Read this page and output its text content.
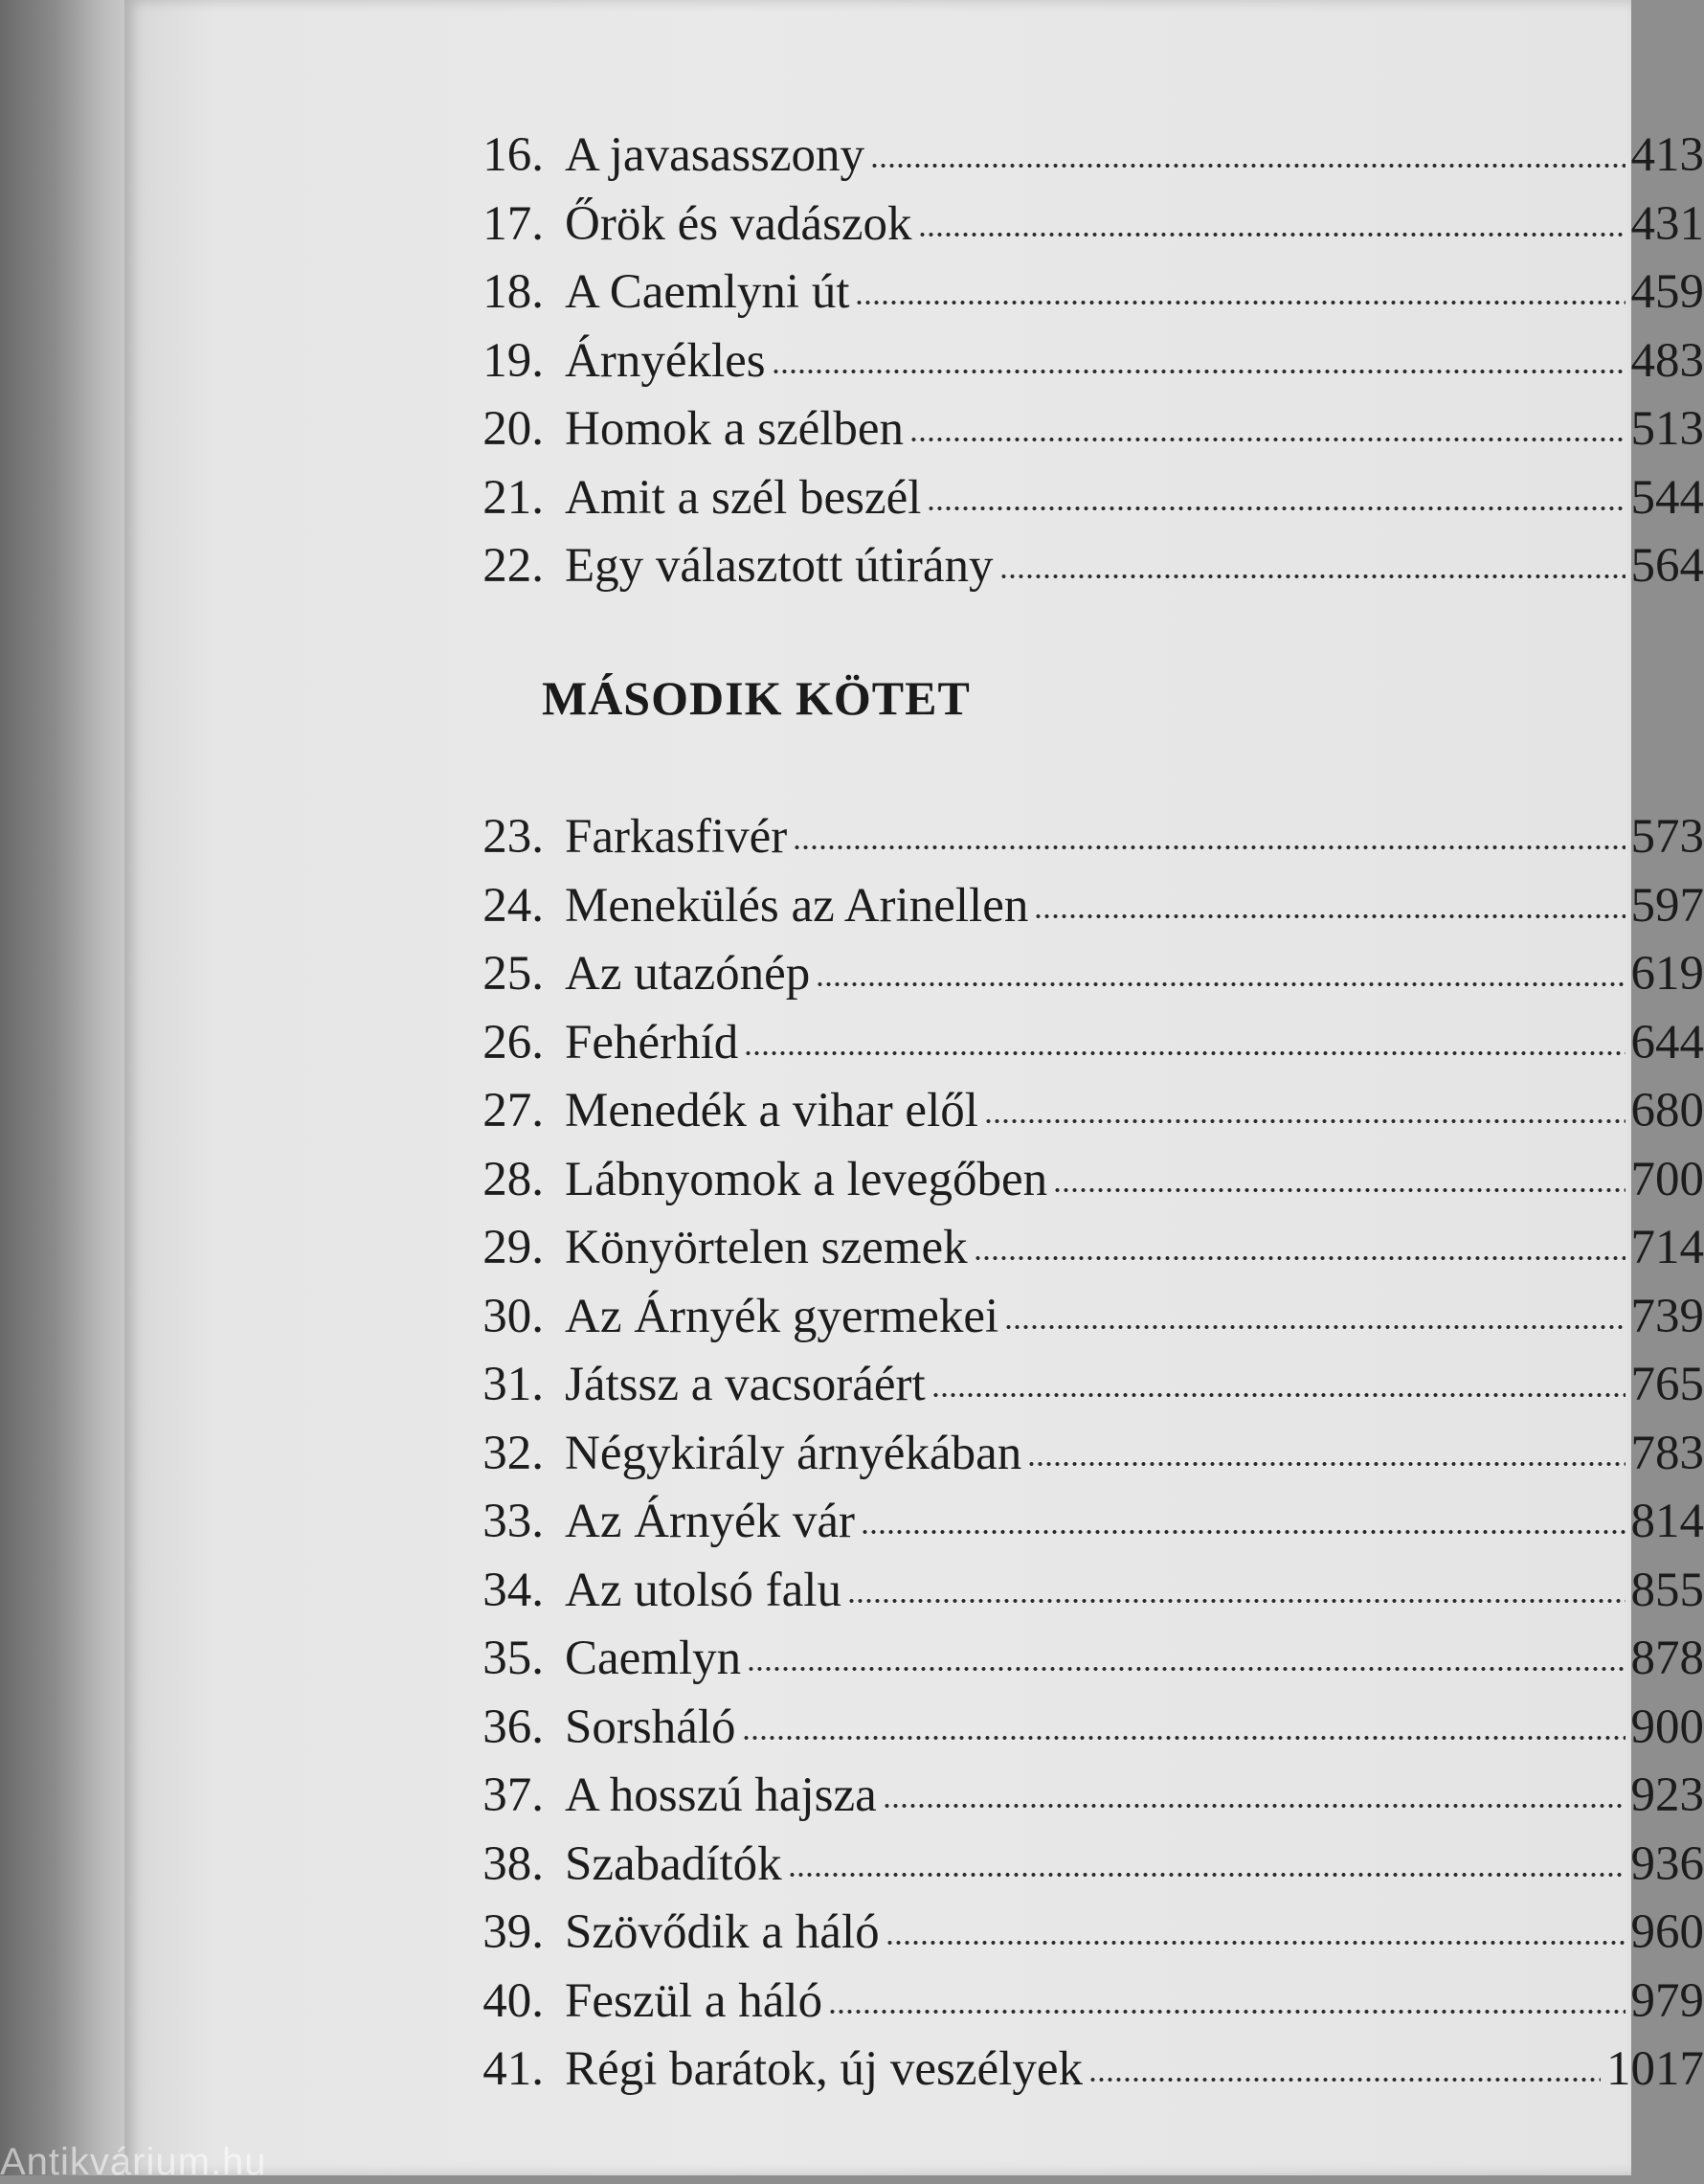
16. A javasasszony	413
17. Őrök és vadászok	431
18. A Caemlyni út	459
19. Árnyékles	483
20. Homok a szélben	513
21. Amit a szél beszél	544
22. Egy választott útirány	564
MÁSODIK KÖTET
23. Farkasfivér	573
24. Menekülés az Arinellen	597
25. Az utazónép	619
26. Fehérhíd	644
27. Menedék a vihar elől	680
28. Lábnyomok a levegőben	700
29. Könyörtelen szemek	714
30. Az Árnyék gyermekei	739
31. Játssz a vacsoráért	765
32. Négykirály árnyékában	783
33. Az Árnyék vár	814
34. Az utolsó falu	855
35. Caemlyn	878
36. Sorsháló	900
37. A hosszú hajsza	923
38. Szabadítók	936
39. Szövődik a háló	960
40. Feszül a háló	979
41. Régi barátok, új veszélyek	1017
Antikvárium.hu
